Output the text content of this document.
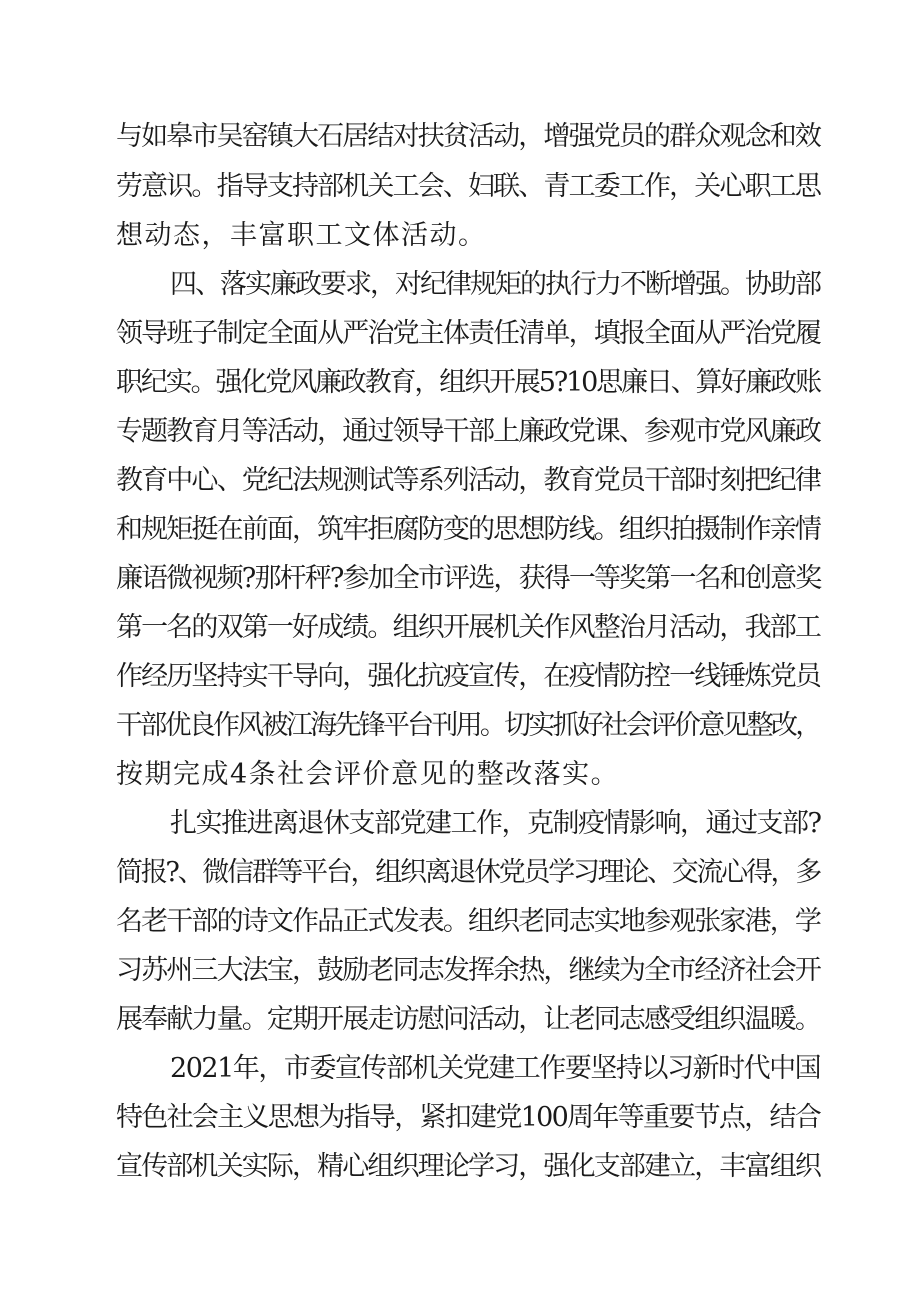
与如皋市吴窑镇大石居结对扶贫活动，增强党员的群众观念和效
劳意识。指导支持部机关工会、妇联、青工委工作，关心职工思
想动态，丰富职工文体活动。
四、落实廉政要求，对纪律规矩的执行力不断增强。协助部
领导班子制定全面从严治党主体责任清单，填报全面从严治党履
职纪实。强化党风廉政教育，组织开展5?10思廉日、算好廉政账
专题教育月等活动，通过领导干部上廉政党课、参观市党风廉政
教育中心、党纪法规测试等系列活动，教育党员干部时刻把纪律
和规矩挺在前面，筑牢拒腐防变的思想防线。组织拍摄制作亲情
廉语微视频?那杆秤?参加全市评选，获得一等奖第一名和创意奖
第一名的双第一好成绩。组织开展机关作风整治月活动，我部工
作经历坚持实干导向，强化抗疫宣传，在疫情防控一线锤炼党员
干部优良作风被江海先锋平台刊用。切实抓好社会评价意见整改，
按期完成4条社会评价意见的整改落实。
扎实推进离退休支部党建工作，克制疫情影响，通过支部?
简报?、微信群等平台，组织离退休党员学习理论、交流心得，多
名老干部的诗文作品正式发表。组织老同志实地参观张家港，学
习苏州三大法宝，鼓励老同志发挥余热，继续为全市经济社会开
展奉献力量。定期开展走访慰问活动，让老同志感受组织温暖。
2021年，市委宣传部机关党建工作要坚持以习新时代中国
特色社会主义思想为指导，紧扣建党100周年等重要节点，结合
宣传部机关实际，精心组织理论学习，强化支部建立，丰富组织
